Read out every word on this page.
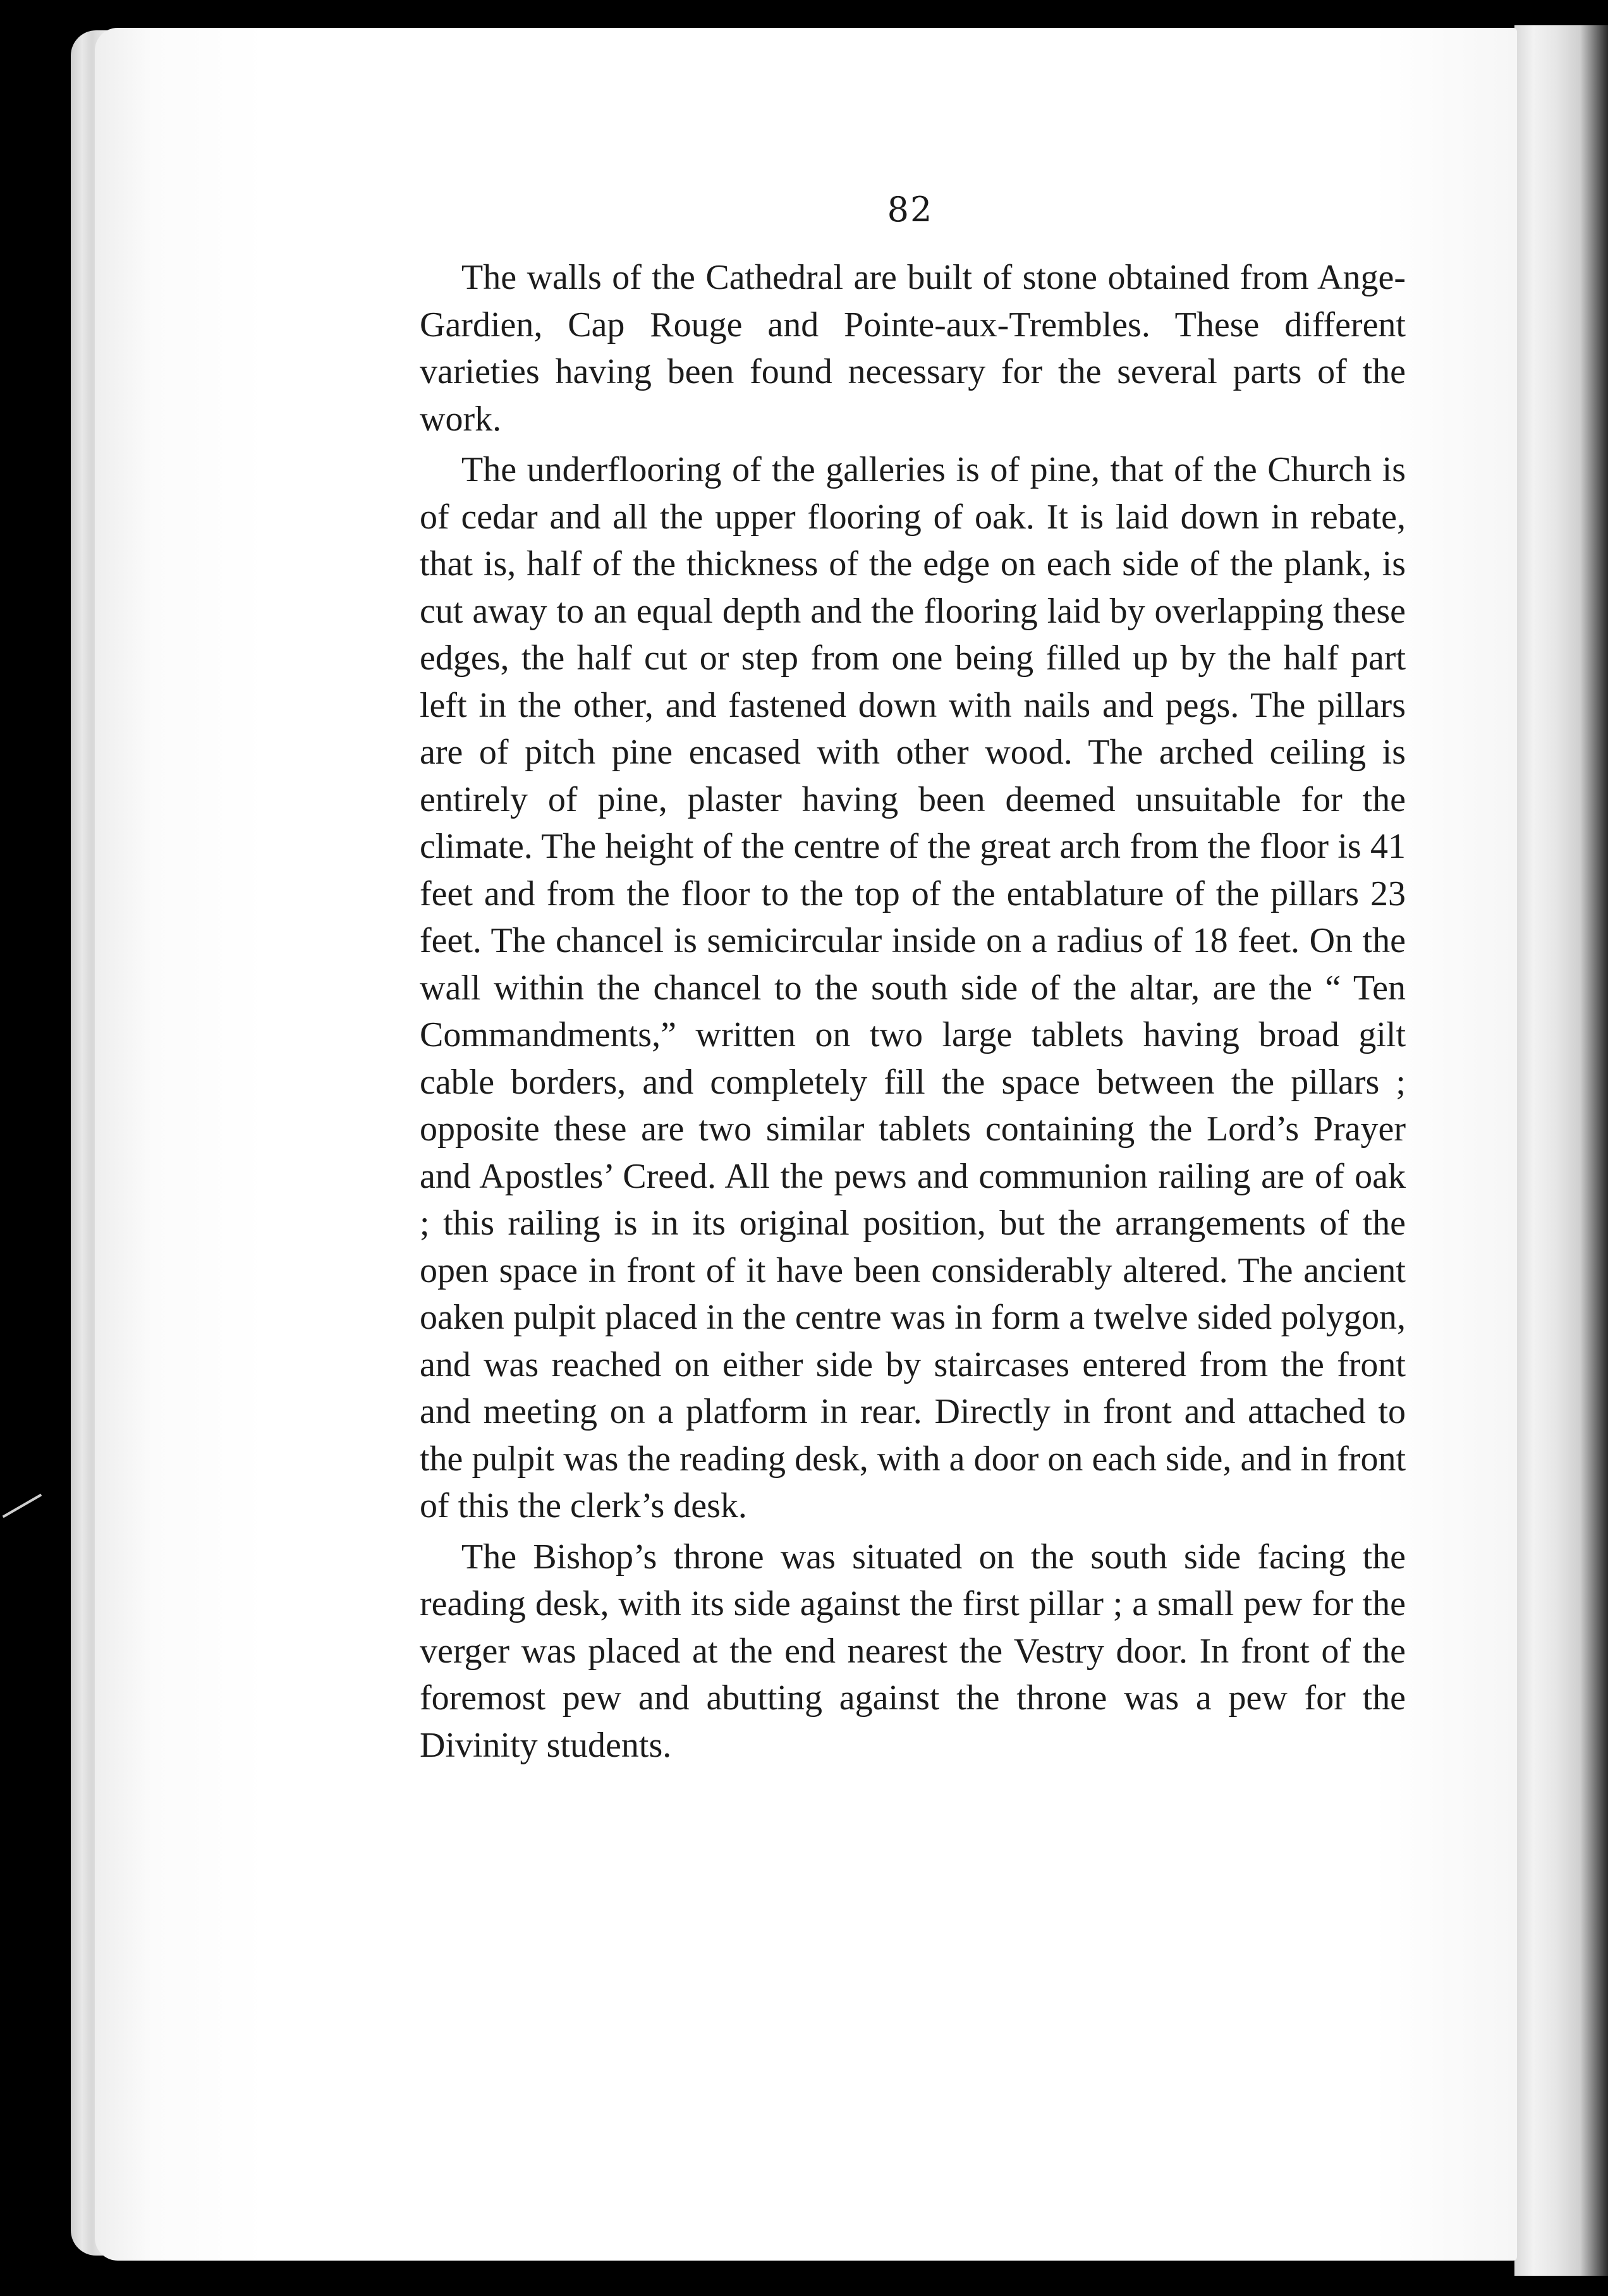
82

The walls of the Cathedral are built of stone obtained from Ange-Gardien, Cap Rouge and Pointe-aux-Trembles. These different varieties having been found necessary for the several parts of the work.

The underflooring of the galleries is of pine, that of the Church is of cedar and all the upper flooring of oak. It is laid down in rebate, that is, half of the thickness of the edge on each side of the plank, is cut away to an equal depth and the flooring laid by overlapping these edges, the half cut or step from one being filled up by the half part left in the other, and fastened down with nails and pegs. The pillars are of pitch pine encased with other wood. The arched ceiling is entirely of pine, plaster having been deemed unsuitable for the climate. The height of the centre of the great arch from the floor is 41 feet and from the floor to the top of the entablature of the pillars 23 feet. The chancel is semicircular inside on a radius of 18 feet. On the wall within the chancel to the south side of the altar, are the “ Ten Commandments,” written on two large tablets having broad gilt cable borders, and completely fill the space between the pillars ; opposite these are two similar tablets containing the Lord’s Prayer and Apostles’ Creed. All the pews and communion railing are of oak ; this railing is in its original position, but the arrangements of the open space in front of it have been considerably altered. The ancient oaken pulpit placed in the centre was in form a twelve sided polygon, and was reached on either side by staircases entered from the front and meeting on a platform in rear. Directly in front and attached to the pulpit was the reading desk, with a door on each side, and in front of this the clerk’s desk.

The Bishop’s throne was situated on the south side facing the reading desk, with its side against the first pillar ; a small pew for the verger was placed at the end nearest the Vestry door. In front of the foremost pew and abutting against the throne was a pew for the Divinity students.
